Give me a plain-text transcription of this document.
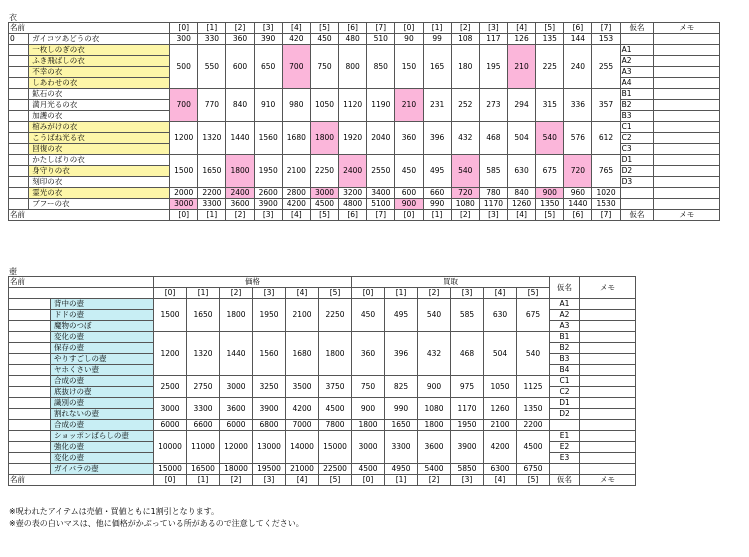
衣
名前		[0]	[1]	[2]	[3]	[4]	[5]	[6]	[7]	[0]	[1]	[2]	[3]	[4]	[5]	[6]	[7]	仮名	メモ
0	ガイコツあどうの衣	300	330	360	390	420	450	480	510	90	99	108	117	126	135	144	153		
	一枚しのぎの衣	500	550	600	650	700	750	800	850	150	165	180	195	210	225	240	255	A1	
	ふき飛ばしの衣																	A2	
	不幸の衣																	A3	
	しあわせの衣																	A4	
	鉱石の衣	700	770	840	910	980	1050	1120	1190	210	231	252	273	294	315	336	357	B1	
	満月光るの衣																	B2	
	加護の衣																	B3	
	棺みがけの衣	1200	1320	1440	1560	1680	1800	1920	2040	360	396	432	468	504	540	576	612	C1	
	こうばね光る衣																	C2	
	回復の衣																	C3	
	かたしばりの衣	1500	1650	1800	1950	2100	2250	2400	2550	450	495	540	585	630	675	720	765	D1	
	身守りの衣																	D2	
	刻印の衣																	D3	
	霊光の衣	2000	2200	2400	2600	2800	3000	3200	3400	600	660	720	780	840	900	960	1020		
	ブフーの衣	3000	3300	3600	3900	4200	4500	4800	5100	900	990	1080	1170	1260	1350	1440	1530		
名前		[0]	[1]	[2]	[3]	[4]	[5]	[6]	[7]	[0]	[1]	[2]	[3]	[4]	[5]	[6]	[7]	仮名	メモ
壺
名前		価格						買取						仮名	メモ
		[0]	[1]	[2]	[3]	[4]	[5]	[0]	[1]	[2]	[3]	[4]	[5]		
	背中の壺	1500	1650	1800	1950	2100	2250	450	495	540	585	630	675	A1	
	ドドの壺													A2	
	魔物のつぼ													A3	
	変化の壺	1200	1320	1440	1560	1680	1800	360	396	432	468	504	540	B1	
	保存の壺													B2	
	やりすごしの壺													B3	
	ヤホくさい壺													B4	
	合成の壺	2500	2750	3000	3250	3500	3750	750	825	900	975	1050	1125	C1	
	底抜けの壺													C2	
	識別の壺	3000	3300	3600	3900	4200	4500	900	990	1080	1170	1260	1350	D1	
	割れないの壺													D2	
	合成の壺	6000	6600	6000	6800	7000	7800	1800	1650	1800	1950	2100	2200		
	ショッポンばらしの壺	10000	11000	12000	13000	14000	15000	3000	3300	3600	3900	4200	4500	E1	
	強化の壺													E2	
	変化の壺													E3	
	ガイバラの壺	15000	16500	18000	19500	21000	22500	4500	4950	5400	5850	6300	6750		
名前		[0]	[1]	[2]	[3]	[4]	[5]	[0]	[1]	[2]	[3]	[4]	[5]	仮名	メモ
※呪われたアイテムは売値・買値ともに1割引となります。
※壺の表の白いマスは、他に価格がかぶっている所があるので注意してください。
